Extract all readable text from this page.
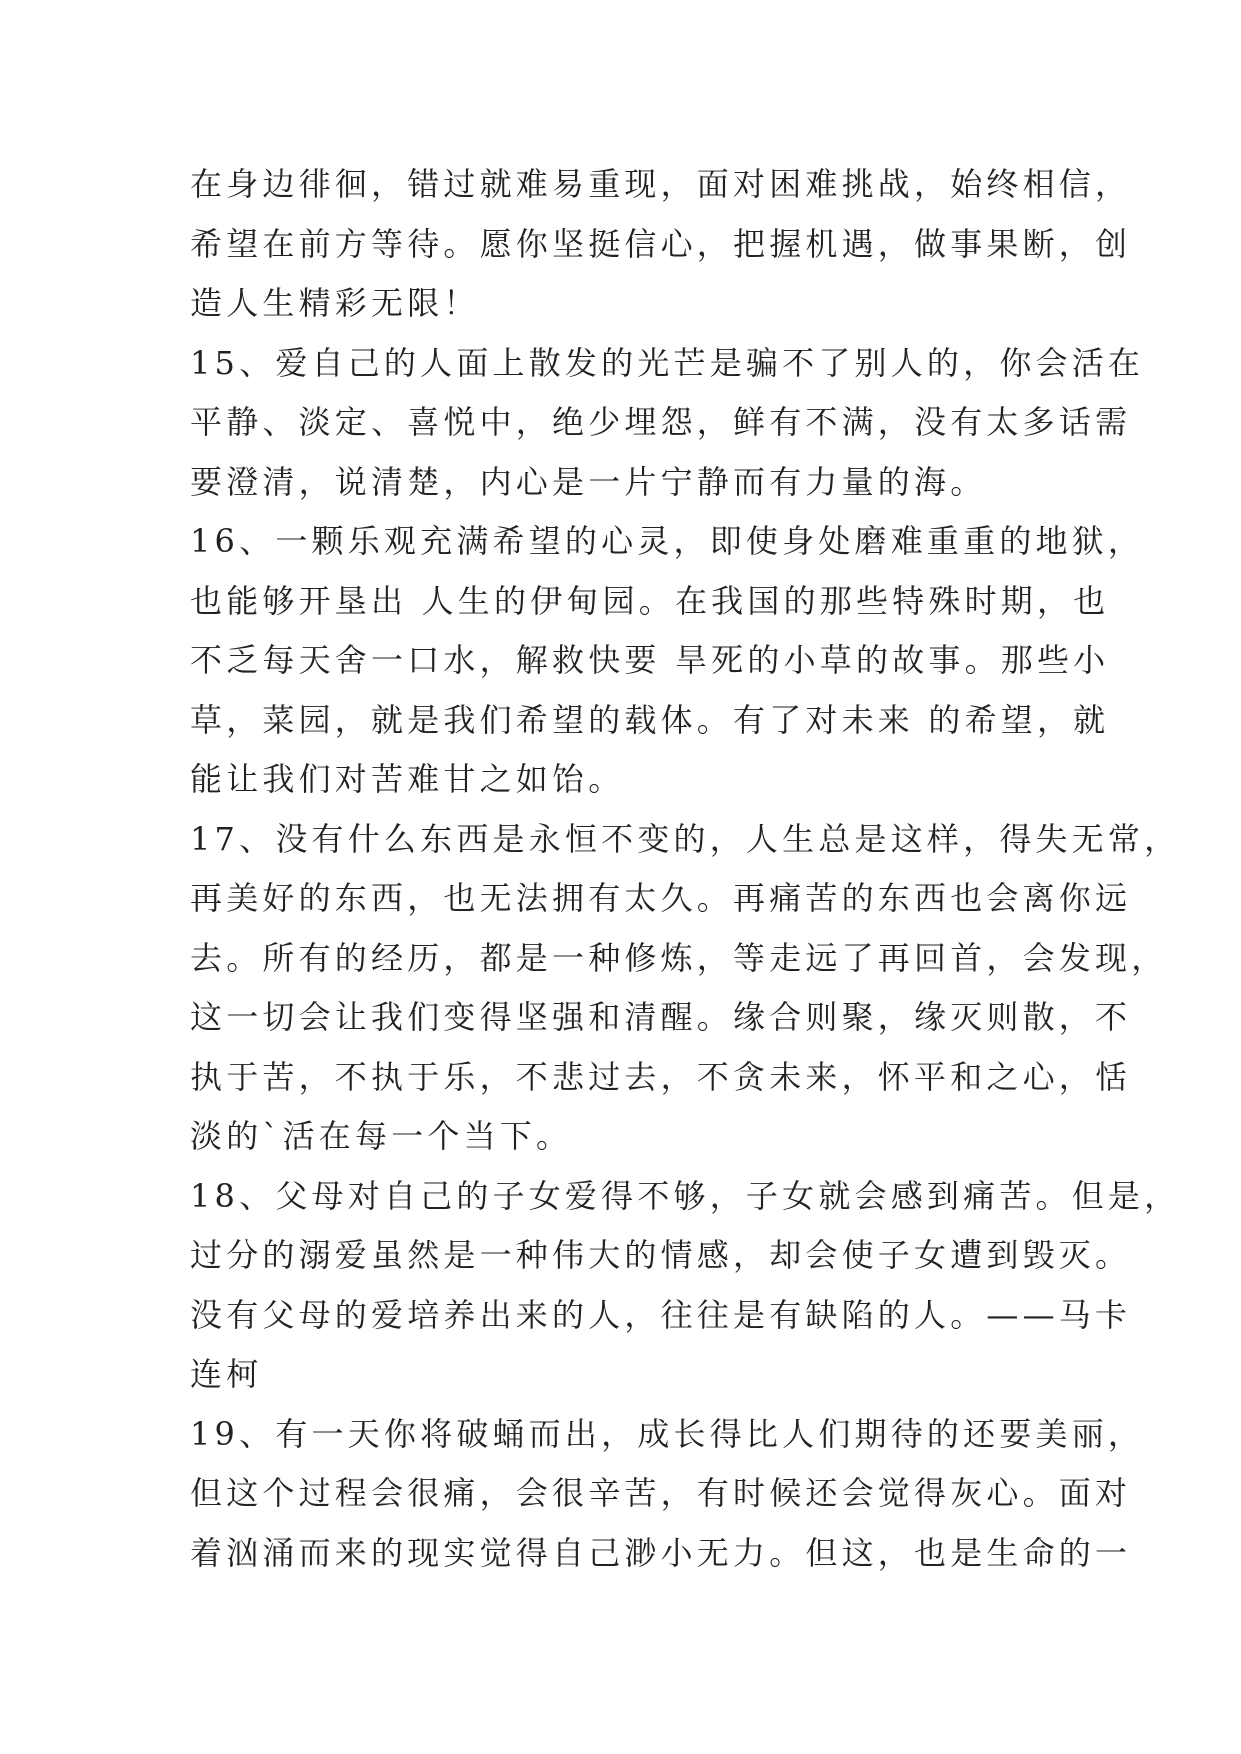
在身边徘徊，错过就难易重现，面对困难挑战，始终相信，

希望在前方等待。愿你坚挺信心，把握机遇，做事果断，创

造人生精彩无限！

15、爱自己的人面上散发的光芒是骗不了别人的，你会活在

平静、淡定、喜悦中，绝少埋怨，鲜有不满，没有太多话需

要澄清，说清楚，内心是一片宁静而有力量的海。

16、一颗乐观充满希望的心灵，即使身处磨难重重的地狱，

也能够开垦出 人生的伊甸园。在我国的那些特殊时期，也

不乏每天舍一口水，解救快要 旱死的小草的故事。那些小

草，菜园，就是我们希望的载体。有了对未来 的希望，就

能让我们对苦难甘之如饴。

17、没有什么东西是永恒不变的，人生总是这样，得失无常，

再美好的东西，也无法拥有太久。再痛苦的东西也会离你远

去。所有的经历，都是一种修炼，等走远了再回首，会发现，

这一切会让我们变得坚强和清醒。缘合则聚，缘灭则散，不

执于苦，不执于乐，不悲过去，不贪未来，怀平和之心，恬

淡的`活在每一个当下。

18、父母对自己的子女爱得不够，子女就会感到痛苦。但是，

过分的溺爱虽然是一种伟大的情感，却会使子女遭到毁灭。

没有父母的爱培养出来的人，往往是有缺陷的人。——马卡

连柯

19、有一天你将破蛹而出，成长得比人们期待的还要美丽，

但这个过程会很痛，会很辛苦，有时候还会觉得灰心。面对

着汹涌而来的现实觉得自己渺小无力。但这，也是生命的一
